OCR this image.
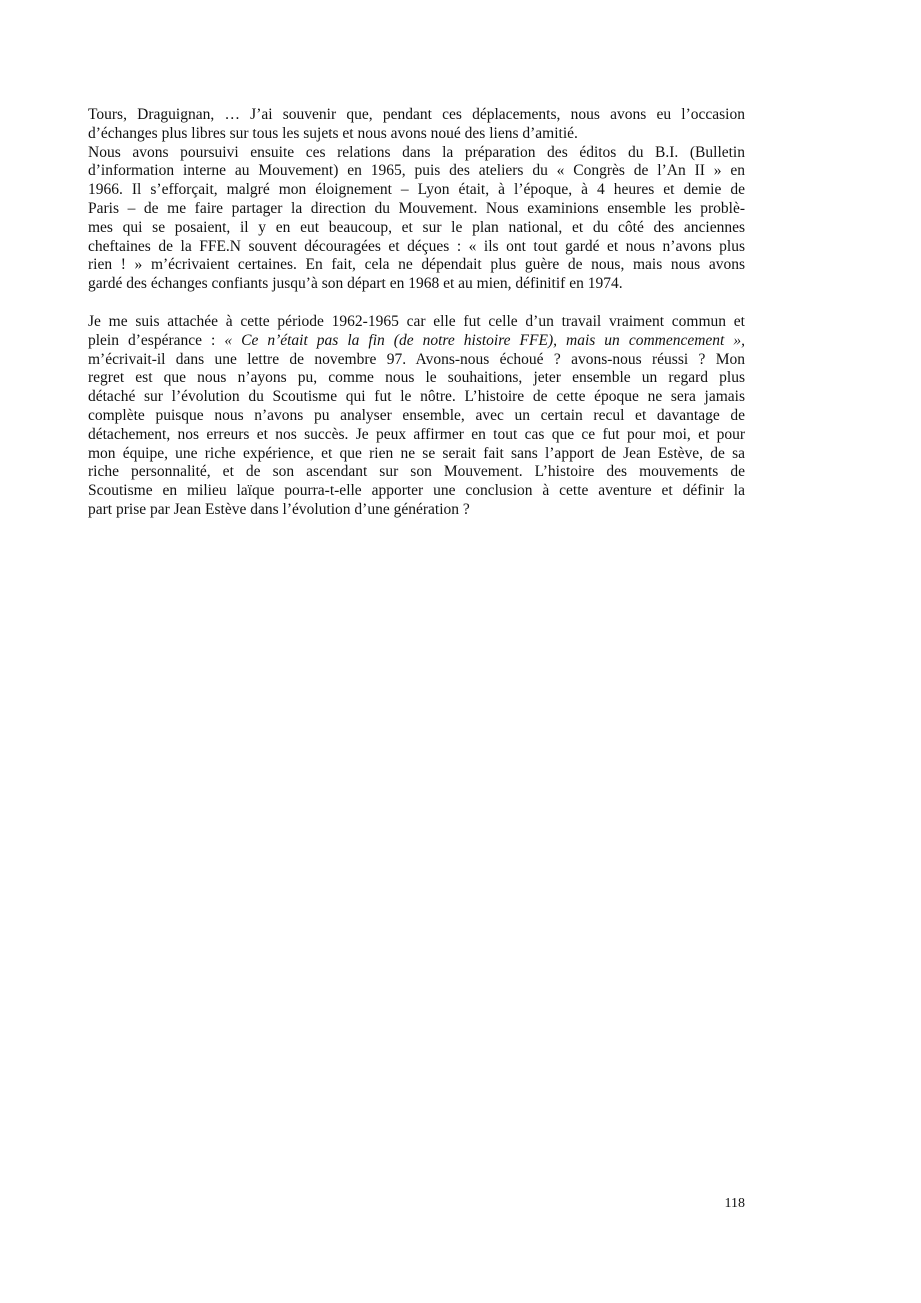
Tours, Draguignan, … J’ai souvenir que, pendant ces déplacements, nous avons eu l’occasion
d’échanges plus libres sur tous les sujets et nous avons noué des liens d’amitié.

Nous avons poursuivi ensuite ces relations dans la préparation des éditos du B.I. (Bulletin
d’information interne au Mouvement) en 1965, puis des ateliers du « Congrès de l’An II » en
1966. Il s’efforçait, malgré mon éloignement – Lyon était, à l’époque, à 4 heures et demie de
Paris – de me faire partager la direction du Mouvement. Nous examinions ensemble les problè-
mes qui se posaient, il y en eut beaucoup, et sur le plan national, et du côté des anciennes
cheftaines de la FFE.N souvent découragées et déçues : « ils ont tout gardé et nous n’avons plus
rien ! » m’écrivaient certaines. En fait, cela ne dépendait plus guère de nous, mais nous avons
gardé des échanges confiants jusqu’à son départ en 1968 et au mien, définitif en 1974.

Je me suis attachée à cette période 1962-1965 car elle fut celle d’un travail vraiment commun et
plein d’espérance : « Ce n’était pas la fin (de notre histoire FFE), mais un commencement »,
m’écrivait-il dans une lettre de novembre 97. Avons-nous échoué ? avons-nous réussi ? Mon
regret est que nous n’ayons pu, comme nous le souhaitions, jeter ensemble un regard plus
détaché sur l’évolution du Scoutisme qui fut le nôtre. L’histoire de cette époque ne sera jamais
complète puisque nous n’avons pu analyser ensemble, avec un certain recul et davantage de
détachement, nos erreurs et nos succès. Je peux affirmer en tout cas que ce fut pour moi, et pour
mon équipe, une riche expérience, et que rien ne se serait fait sans l’apport de Jean Estève, de sa
riche personnalité, et de son ascendant sur son Mouvement. L’histoire des mouvements de
Scoutisme en milieu laïque pourra-t-elle apporter une conclusion à cette aventure et définir la
part prise par Jean Estève dans l’évolution d’une génération ?

118
